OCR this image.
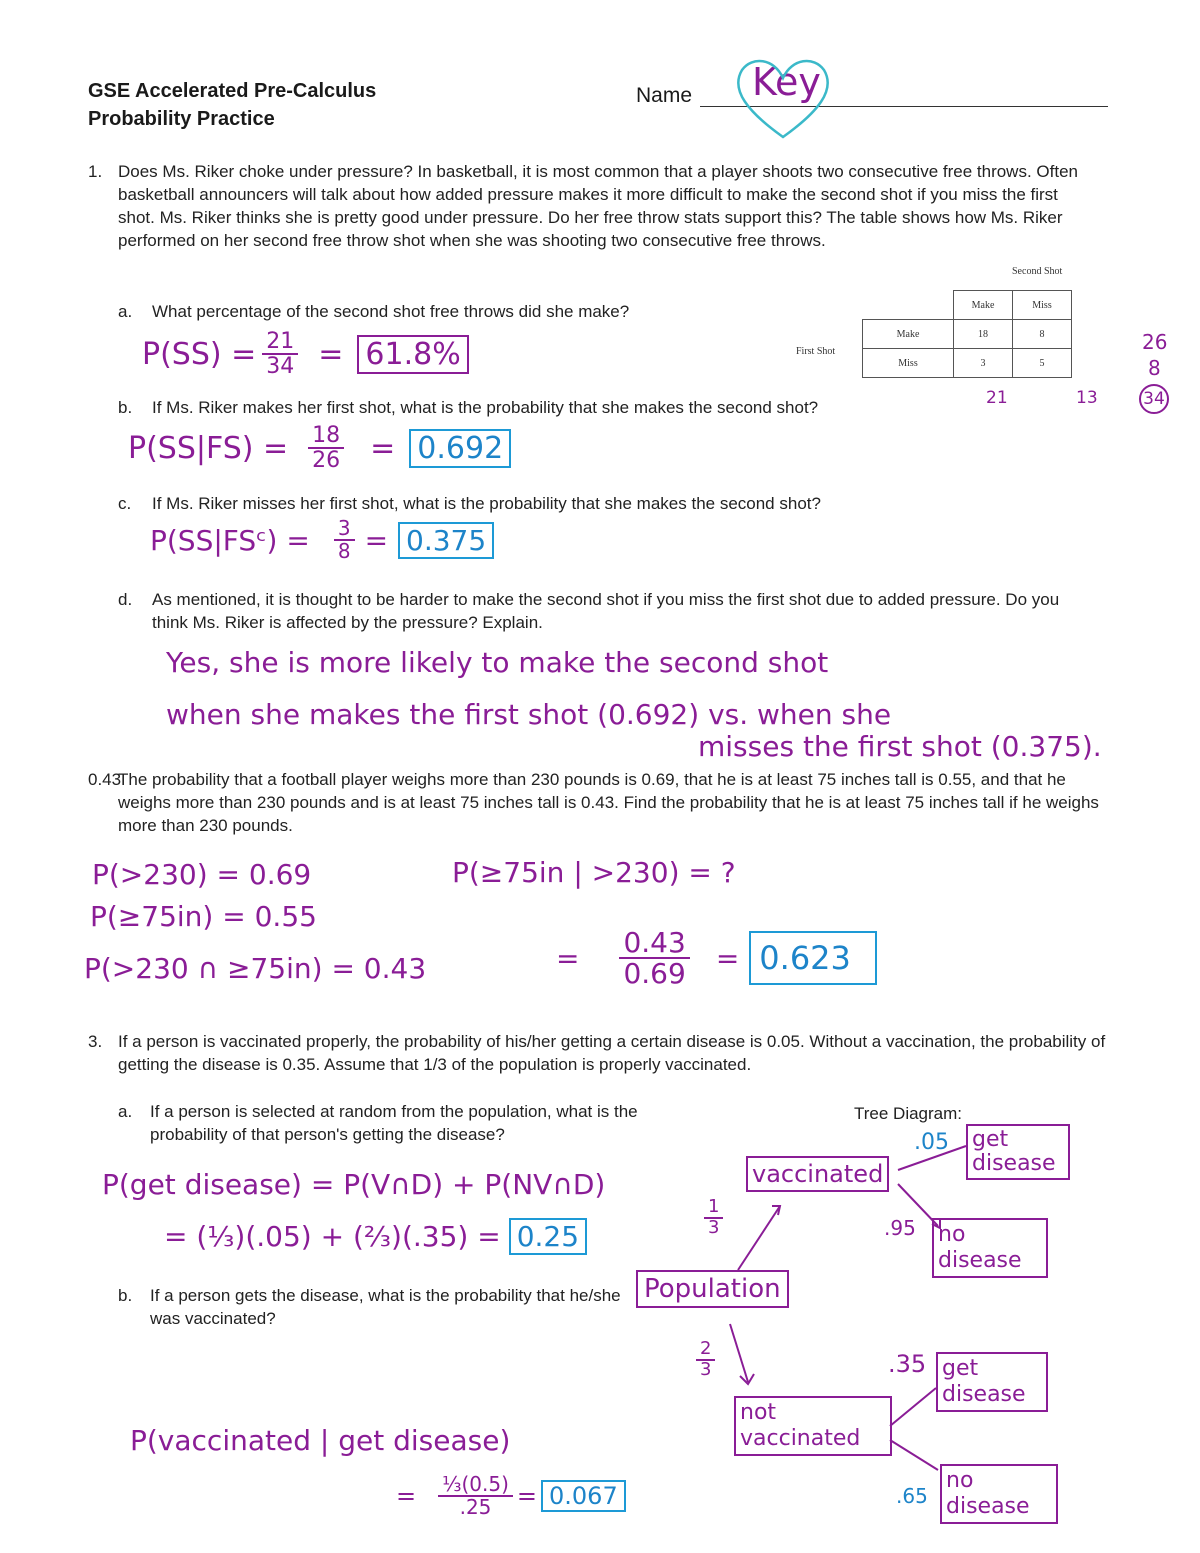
GSE Accelerated Pre-Calculus
Probability Practice
Name Key
1. Does Ms. Riker choke under pressure? In basketball, it is most common that a player shoots two consecutive free throws. Often basketball announcers will talk about how added pressure makes it more difficult to make the second shot if you miss the first shot. Ms. Riker thinks she is pretty good under pressure. Do her free throw stats support this? The table shows how Ms. Riker performed on her second free throw shot when she was shooting two consecutive free throws.
Second Shot
First Shot
	Make	Miss
Make	18	8
Miss	3	5
21	13
26
8
34
a. What percentage of the second shot free throws did she make?
$P(SS) = \frac{21}{34} = 61.8\%$
b. If Ms. Riker makes her first shot, what is the probability that she makes the second shot?
$P(SS|FS) = \frac{18}{26} = 0.692$
c. If Ms. Riker misses her first shot, what is the probability that she makes the second shot?
P(SS|FSᶜ) = $\frac{3}{8} = 0.375$
d. As mentioned, it is thought to be harder to make the second shot if you miss the first shot due to added pressure. Do you think Ms. Riker is affected by the pressure? Explain.
Yes, she is more likely to make the second shot
when she makes the first shot (0.692) vs. when she
misses the first shot (0.375).
0.43
The probability that a football player weighs more than 230 pounds is 0.69, that he is at least 75 inches tall is 0.55, and that he weighs more than 230 pounds and is at least 75 inches tall is 0.43. Find the probability that he is at least 75 inches tall if he weighs more than 230 pounds.
P(>230) = 0.69
P(≥75in) = 0.55
P(>230 ∩ ≥75in) = 0.43
P(≥75in | >230) = ?
= $\frac{0.43}{0.69} = 0.623$
3. If a person is vaccinated properly, the probability of his/her getting a certain disease is 0.05. Without a vaccination, the probability of getting the disease is 0.35. Assume that 1/3 of the population is properly vaccinated.
a. If a person is selected at random from the population, what is the probability of that person's getting the disease?
P(get disease) = P(V∩D) + P(NV∩D)
= (⅓)(.05) + (⅔)(.35) = 0.25
b. If a person gets the disease, what is the probability that he/she was vaccinated?
P(vaccinated | get disease)
= $\frac{\text{⅓(0.5)}}{.25} = 0.067$
Tree Diagram:
Population
$\frac{1}{3}$
$\frac{2}{3}$
vaccinated
not vaccinated
.05 get disease
.95 no disease
.35 get disease
.65
no disease
